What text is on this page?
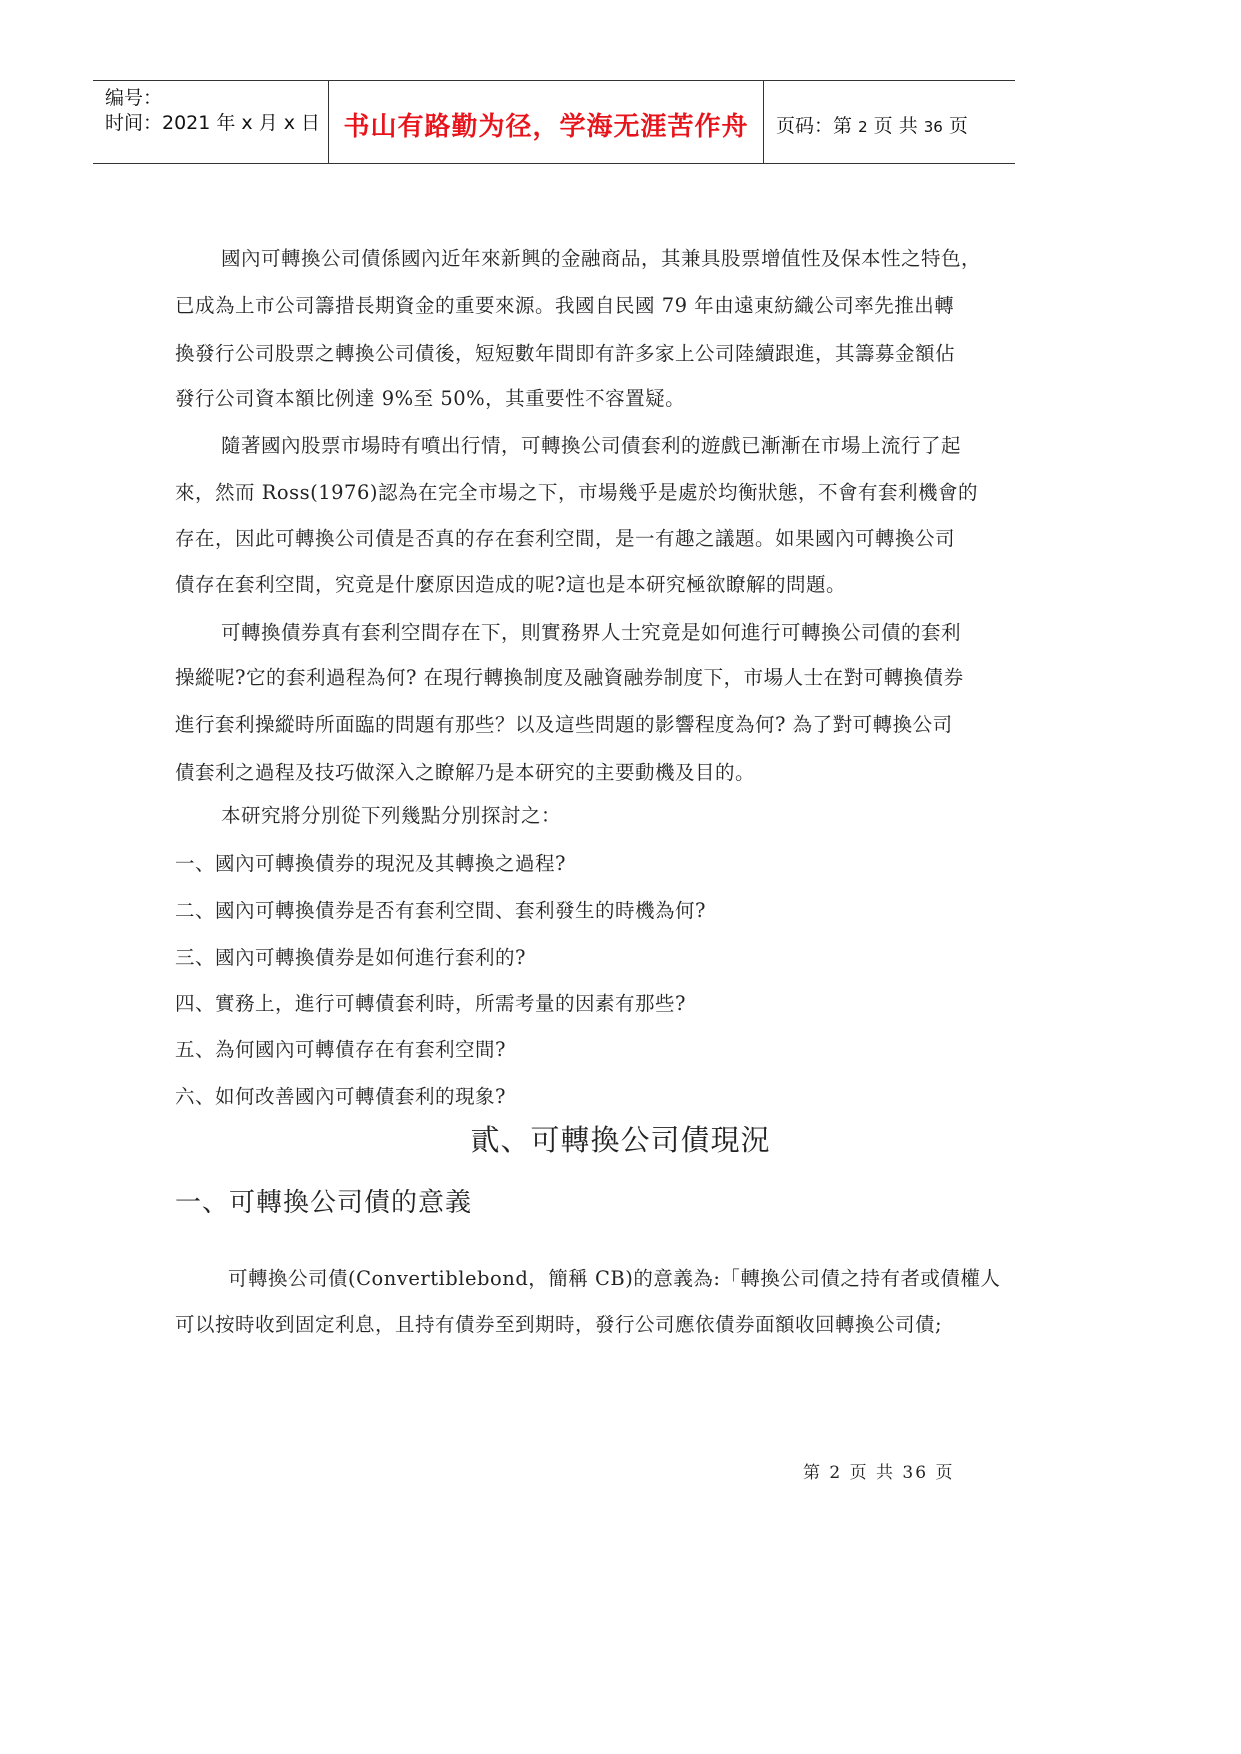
编号：
时间：2021 年 x 月 x 日 书山有路勤为径，学海无涯苦作舟	页码：第 2 页 共 36 页
國內可轉換公司債係國內近年來新興的金融商品，其兼具股票增值性及保本性之特色，
已成為上市公司籌措長期資金的重要來源。我國自民國 79 年由遠東紡織公司率先推出轉
換發行公司股票之轉換公司債後，短短數年間即有許多家上公司陸續跟進，其籌募金額佔
發行公司資本額比例達 9%至 50%，其重要性不容置疑。
隨著國內股票市場時有噴出行情，可轉換公司債套利的遊戲已漸漸在市場上流行了起
來，然而 Ross(1976)認為在完全市場之下，市場幾乎是處於均衡狀態，不會有套利機會的
存在，因此可轉換公司債是否真的存在套利空間，是一有趣之議題。如果國內可轉換公司
債存在套利空間，究竟是什麼原因造成的呢?這也是本研究極欲瞭解的問題。
可轉換債券真有套利空間存在下，則實務界人士究竟是如何進行可轉換公司債的套利
操縱呢?它的套利過程為何? 在現行轉換制度及融資融券制度下，市場人士在對可轉換債券
進行套利操縱時所面臨的問題有那些？以及這些問題的影響程度為何? 為了對可轉換公司
債套利之過程及技巧做深入之瞭解乃是本研究的主要動機及目的。
本研究將分別從下列幾點分別探討之：
一、國內可轉換債券的現況及其轉換之過程?
二、國內可轉換債券是否有套利空間、套利發生的時機為何?
三、國內可轉換債券是如何進行套利的?
四、實務上，進行可轉債套利時，所需考量的因素有那些?
五、為何國內可轉債存在有套利空間?
六、如何改善國內可轉債套利的現象?
貳、可轉換公司債現況
一、可轉換公司債的意義
可轉換公司債(Convertiblebond，簡稱 CB)的意義為:「轉換公司債之持有者或債權人
可以按時收到固定利息，且持有債券至到期時，發行公司應依債券面額收回轉換公司債;
第 2 页 共 36 页
